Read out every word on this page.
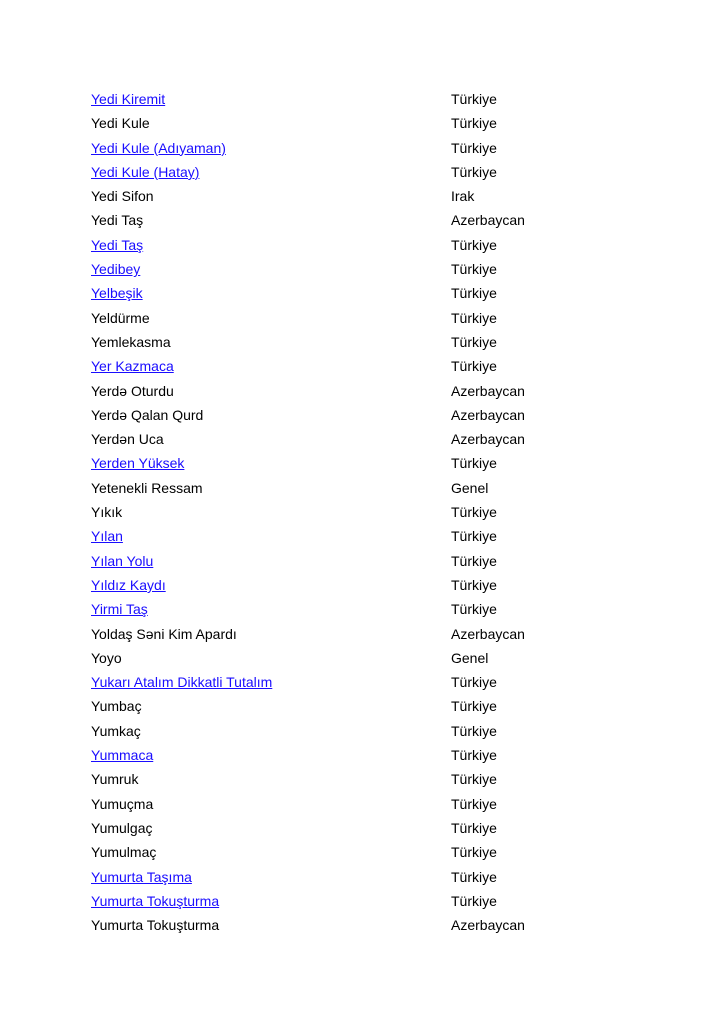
Yedi Kiremit	Türkiye
Yedi Kule	Türkiye
Yedi Kule (Adıyaman)	Türkiye
Yedi Kule (Hatay)	Türkiye
Yedi Sifon	Irak
Yedi Taş	Azerbaycan
Yedi Taş	Türkiye
Yedibey	Türkiye
Yelbeşik	Türkiye
Yeldürme	Türkiye
Yemlekasma	Türkiye
Yer Kazmaca	Türkiye
Yerdə Oturdu	Azerbaycan
Yerdə Qalan Qurd	Azerbaycan
Yerdən Uca	Azerbaycan
Yerden Yüksek	Türkiye
Yetenekli Ressam	Genel
Yıkık	Türkiye
Yılan	Türkiye
Yılan Yolu	Türkiye
Yıldız Kaydı	Türkiye
Yirmi Taş	Türkiye
Yoldaş Səni Kim Apardı	Azerbaycan
Yoyo	Genel
Yukarı Atalım Dikkatli Tutalım	Türkiye
Yumbaç	Türkiye
Yumkaç	Türkiye
Yummaca	Türkiye
Yumruk	Türkiye
Yumuçma	Türkiye
Yumulgaç	Türkiye
Yumulmaç	Türkiye
Yumurta Taşıma	Türkiye
Yumurta Tokuşturma	Türkiye
Yumurta Tokuşturma	Azerbaycan
